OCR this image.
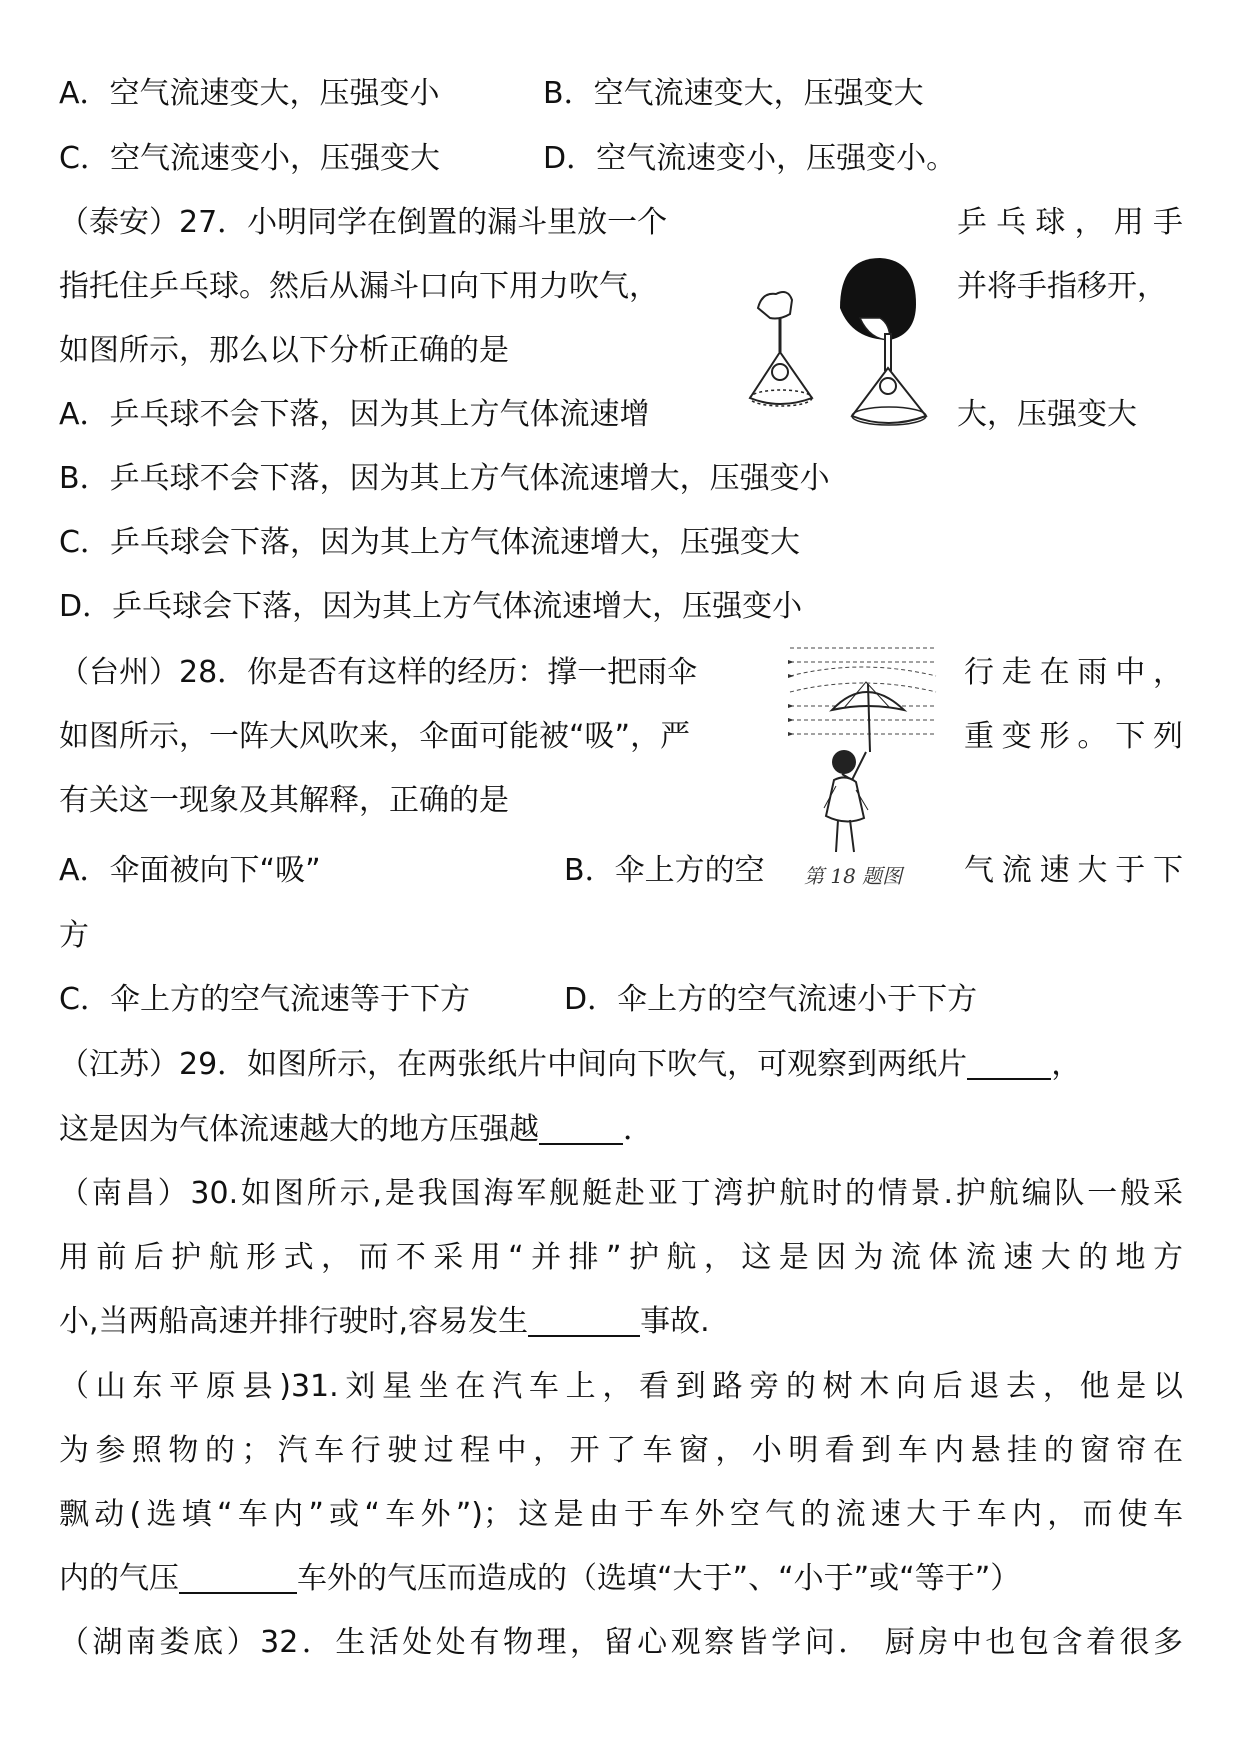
A．空气流速变大，压强变小	B．空气流速变大，压强变大
C．空气流速变小，压强变大	D．空气流速变小，压强变小。
（泰安）27．小明同学在倒置的漏斗里放一个	乒乓球，用手
指托住乒乓球。然后从漏斗口向下用力吹气，	并将手指移开，
如图所示，那么以下分析正确的是
A．乒乓球不会下落，因为其上方气体流速增	大，压强变大
B．乒乓球不会下落，因为其上方气体流速增大，压强变小
C．乒乓球会下落，因为其上方气体流速增大，压强变大
D．乒乓球会下落，因为其上方气体流速增大，压强变小
（台州）28．你是否有这样的经历：撑一把雨伞	行走在雨中，
如图所示，一阵大风吹来，伞面可能被“吸”，严	重变形。下列
有关这一现象及其解释，正确的是
A．伞面被向下“吸”	B．伞上方的空	气流速大于下
方
C．伞上方的空气流速等于下方	D．伞上方的空气流速小于下方
第 18 题图
（江苏）29．如图所示，在两张纸片中间向下吹气，可观察到两纸片	，
这是因为气体流速越大的地方压强越	．
（南昌）30.如图所示,是我国海军舰艇赴亚丁湾护航时的情景.护航编队一般采
用前后护航形式，而不采用“并排”护航，这是因为流体流速大的地方
小,当两船高速并排行驶时,容易发生	事故.
（山东平原县)31.刘星坐在汽车上，看到路旁的树木向后退去，他是以
为参照物的；汽车行驶过程中，开了车窗，小明看到车内悬挂的窗帘在
飘动(选填“车内”或“车外”)；这是由于车外空气的流速大于车内，而使车
内的气压	车外的气压而造成的（选填“大于”、“小于”或“等于”）
（湖南娄底）32．生活处处有物理，留心观察皆学问． 厨房中也包含着很多
